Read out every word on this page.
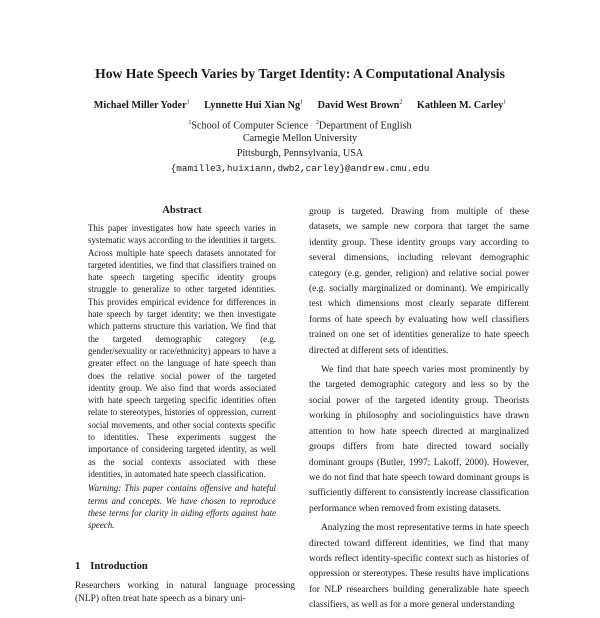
How Hate Speech Varies by Target Identity: A Computational Analysis
Michael Miller Yoder$^1$ Lynnette Hui Xian Ng$^1$ David West Brown$^2$ Kathleen M. Carley$^1$
$^1$School of Computer Science $^2$Department of English
Carnegie Mellon University
Pittsburgh, Pennsylvania, USA
{mamille3,huixiann,dwb2,carley}@andrew.cmu.edu
Abstract

This paper investigates how hate speech varies in systematic ways according to the identities it targets. Across multiple hate speech datasets annotated for targeted identities, we find that classifiers trained on hate speech targeting specific identity groups struggle to generalize to other targeted identities. This provides empirical evidence for differences in hate speech by target identity; we then investigate which patterns structure this variation. We find that the targeted demographic category (e.g. gender/sexuality or race/ethnicity) appears to have a greater effect on the language of hate speech than does the relative social power of the targeted identity group. We also find that words associated with hate speech targeting specific identities often relate to stereotypes, histories of oppression, current social movements, and other social contexts specific to identities. These experiments suggest the importance of considering targeted identity, as well as the social contexts associated with these identities, in automated hate speech classification.

Warning: This paper contains offensive and hateful terms and concepts. We have chosen to reproduce these terms for clarity in aiding efforts against hate speech.

1 Introduction
Researchers working in natural language processing (NLP) often treat hate speech as a binary uni-

group is targeted. Drawing from multiple of these datasets, we sample new corpora that target the same identity group. These identity groups vary according to several dimensions, including relevant demographic category (e.g. gender, religion) and relative social power (e.g. socially marginalized or dominant). We empirically test which dimensions most clearly separate different forms of hate speech by evaluating how well classifiers trained on one set of identities generalize to hate speech directed at different sets of identities.

We find that hate speech varies most prominently by the targeted demographic category and less so by the social power of the targeted identity group. Theorists working in philosophy and sociolinguistics have drawn attention to how hate speech directed at marginalized groups differs from hate directed toward socially dominant groups (Butler, 1997; Lakoff, 2000). However, we do not find that hate speech toward dominant groups is sufficiently different to consistently increase classification performance when removed from existing datasets.

Analyzing the most representative terms in hate speech directed toward different identities, we find that many words reflect identity-specific context such as histories of oppression or stereotypes. These results have implications for NLP researchers building generalizable hate speech classifiers, as well as for a more general understanding
